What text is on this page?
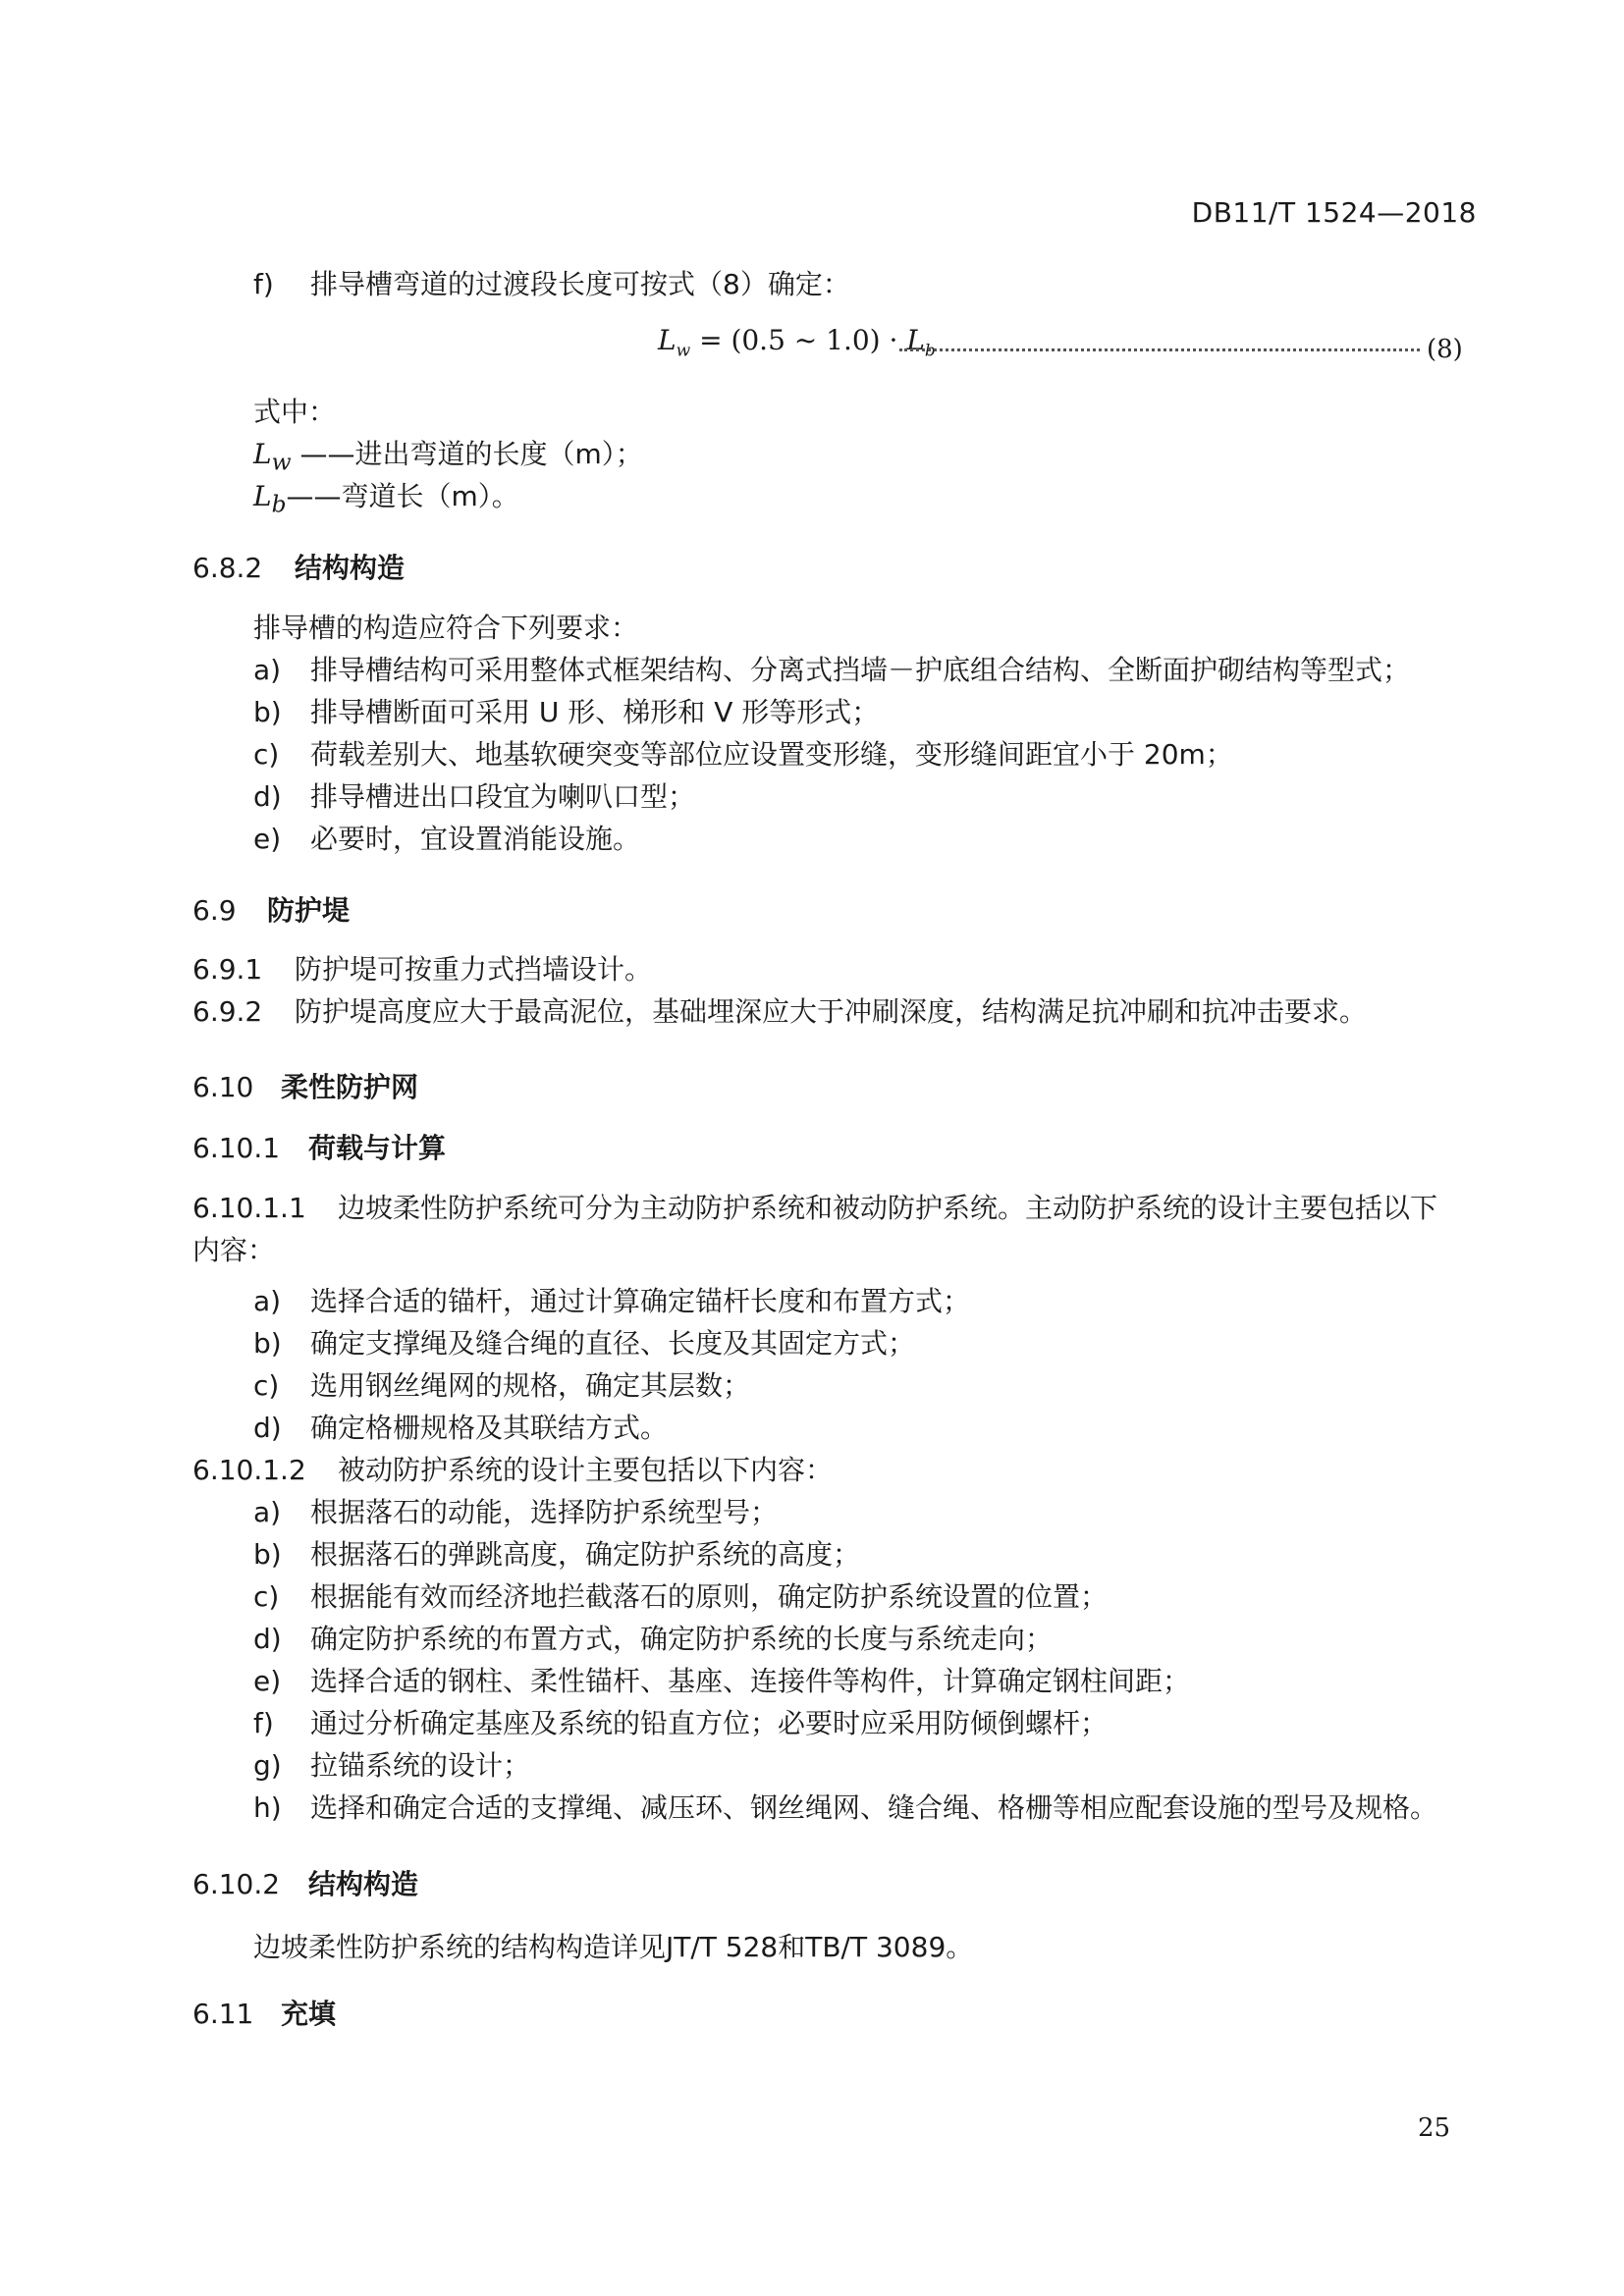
DB11/T 1524—2018
f) 排导槽弯道的过渡段长度可按式（8）确定：
$L_w = (0.5$ ~ $1.0) \cdot L_b$	(8)
式中：
$L_w$ ——进出弯道的长度（m）；
$L_b——$弯道长（m）。
6.8.2 结构构造
排导槽的构造应符合下列要求：
a) 排导槽结构可采用整体式框架结构、分离式挡墙－护底组合结构、全断面护砌结构等型式；
b) 排导槽断面可采用 U 形、梯形和 V 形等形式；
c) 荷载差别大、地基软硬突变等部位应设置变形缝，变形缝间距宜小于 20m；
d) 排导槽进出口段宜为喇叭口型；
e) 必要时，宜设置消能设施。
6.9 防护堤
6.9.1 防护堤可按重力式挡墙设计。
6.9.2 防护堤高度应大于最高泥位，基础埋深应大于冲刷深度，结构满足抗冲刷和抗冲击要求。
6.10 柔性防护网
6.10.1 荷载与计算
6.10.1.1 边坡柔性防护系统可分为主动防护系统和被动防护系统。主动防护系统的设计主要包括以下
内容：
a) 选择合适的锚杆，通过计算确定锚杆长度和布置方式；
b) 确定支撑绳及缝合绳的直径、长度及其固定方式；
c) 选用钢丝绳网的规格，确定其层数；
d) 确定格栅规格及其联结方式。
6.10.1.2 被动防护系统的设计主要包括以下内容：
a) 根据落石的动能，选择防护系统型号；
b) 根据落石的弹跳高度，确定防护系统的高度；
c) 根据能有效而经济地拦截落石的原则，确定防护系统设置的位置；
d) 确定防护系统的布置方式，确定防护系统的长度与系统走向；
e) 选择合适的钢柱、柔性锚杆、基座、连接件等构件，计算确定钢柱间距；
f) 通过分析确定基座及系统的铅直方位；必要时应采用防倾倒螺杆；
g) 拉锚系统的设计；
h) 选择和确定合适的支撑绳、减压环、钢丝绳网、缝合绳、格栅等相应配套设施的型号及规格。
6.10.2 结构构造
边坡柔性防护系统的结构构造详见JT/T 528和TB/T 3089。
6.11 充填
25
